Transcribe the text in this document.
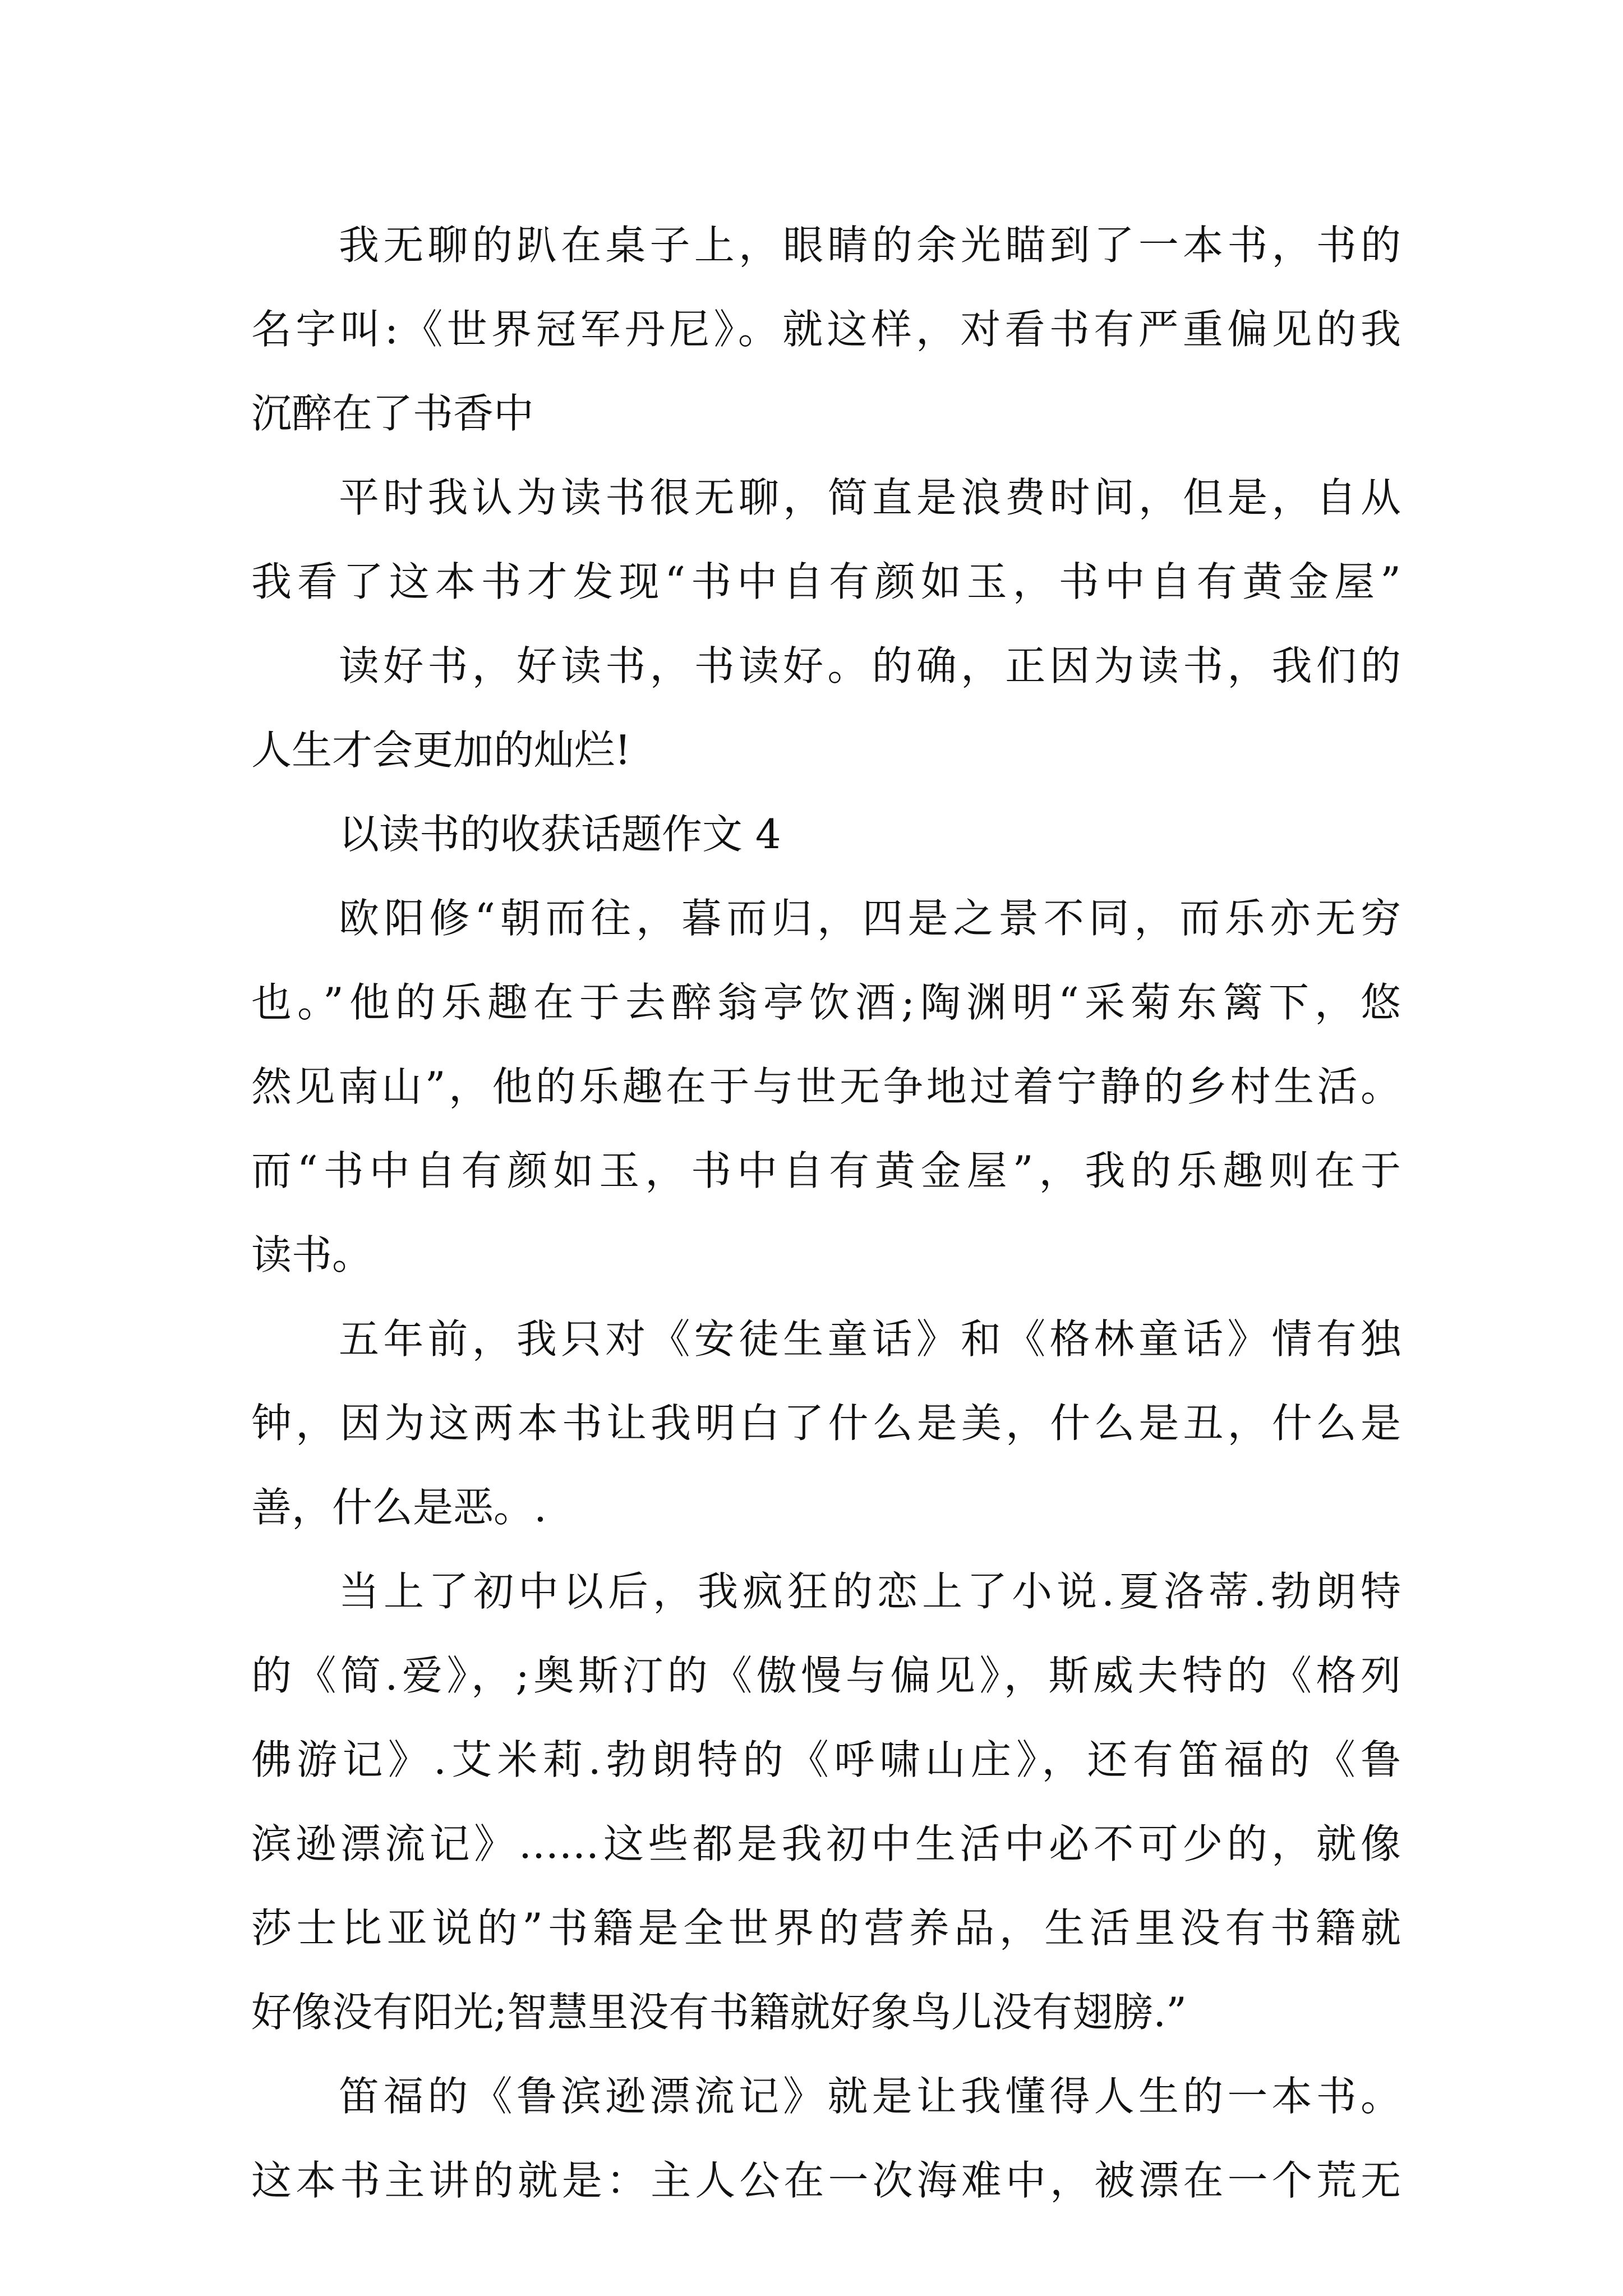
我无聊的趴在桌子上，眼睛的余光瞄到了一本书，书的
名字叫:《世界冠军丹尼》。就这样，对看书有严重偏见的我
沉醉在了书香中
平时我认为读书很无聊，简直是浪费时间，但是，自从
我看了这本书才发现“书中自有颜如玉，书中自有黄金屋”
读好书，好读书，书读好。的确，正因为读书，我们的
人生才会更加的灿烂!
以读书的收获话题作文 4
欧阳修“朝而往，暮而归，四是之景不同，而乐亦无穷
也。”他的乐趣在于去醉翁亭饮酒;陶渊明“采菊东篱下，悠
然见南山”，他的乐趣在于与世无争地过着宁静的乡村生活。
而“书中自有颜如玉，书中自有黄金屋”，我的乐趣则在于
读书。
五年前，我只对《安徒生童话》和《格林童话》情有独
钟，因为这两本书让我明白了什么是美，什么是丑，什么是
善，什么是恶。.
当上了初中以后，我疯狂的恋上了小说.夏洛蒂.勃朗特
的《简.爱》，;奥斯汀的《傲慢与偏见》，斯威夫特的《格列
佛游记》.艾米莉.勃朗特的《呼啸山庄》，还有笛福的《鲁
滨逊漂流记》……这些都是我初中生活中必不可少的，就像
莎士比亚说的”书籍是全世界的营养品，生活里没有书籍就
好像没有阳光;智慧里没有书籍就好象鸟儿没有翅膀.”
笛福的《鲁滨逊漂流记》就是让我懂得人生的一本书。
这本书主讲的就是：主人公在一次海难中，被漂在一个荒无
